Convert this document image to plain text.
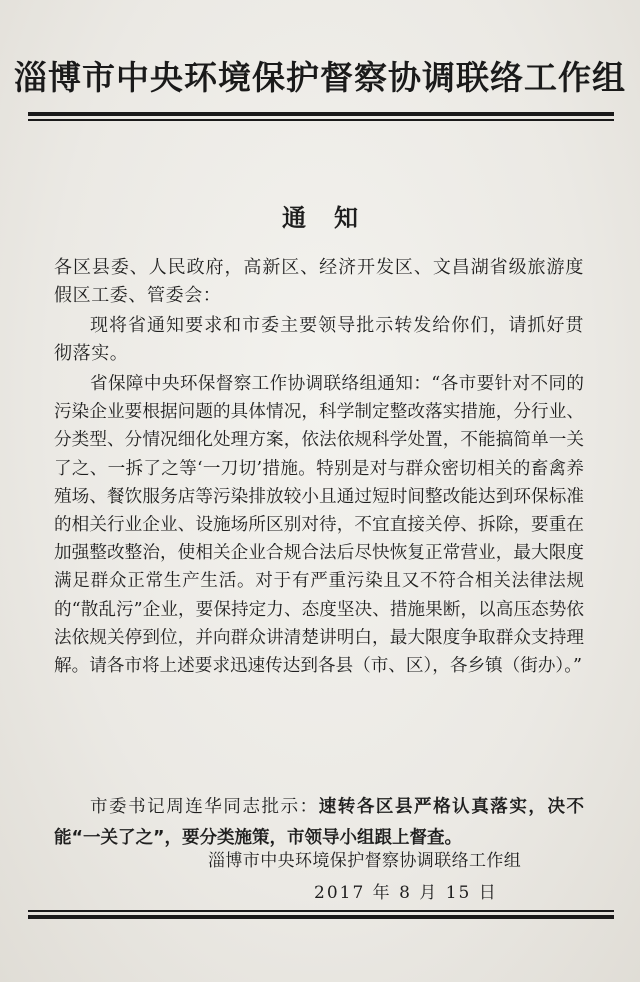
淄博市中央环境保护督察协调联络工作组
通知
各区县委、人民政府，高新区、经济开发区、文昌湖省级旅游度假区工委、管委会：
现将省通知要求和市委主要领导批示转发给你们，请抓好贯彻落实。
省保障中央环保督察工作协调联络组通知：“各市要针对不同的污染企业要根据问题的具体情况，科学制定整改落实措施，分行业、分类型、分情况细化处理方案，依法依规科学处置，不能搞简单一关了之、一拆了之等‘一刀切’措施。特别是对与群众密切相关的畜禽养殖场、餐饮服务店等污染排放较小且通过短时间整改能达到环保标准的相关行业企业、设施场所区别对待，不宜直接关停、拆除，要重在加强整改整治，使相关企业合规合法后尽快恢复正常营业，最大限度满足群众正常生产生活。对于有严重污染且又不符合相关法律法规的“散乱污”企业，要保持定力、态度坚决、措施果断，以高压态势依法依规关停到位，并向群众讲清楚讲明白，最大限度争取群众支持理解。请各市将上述要求迅速传达到各县（市、区），各乡镇（街办）。”
市委书记周连华同志批示：速转各区县严格认真落实，决不能“一关了之”，要分类施策，市领导小组跟上督查。
淄博市中央环境保护督察协调联络工作组
2017 年 8 月 15 日
